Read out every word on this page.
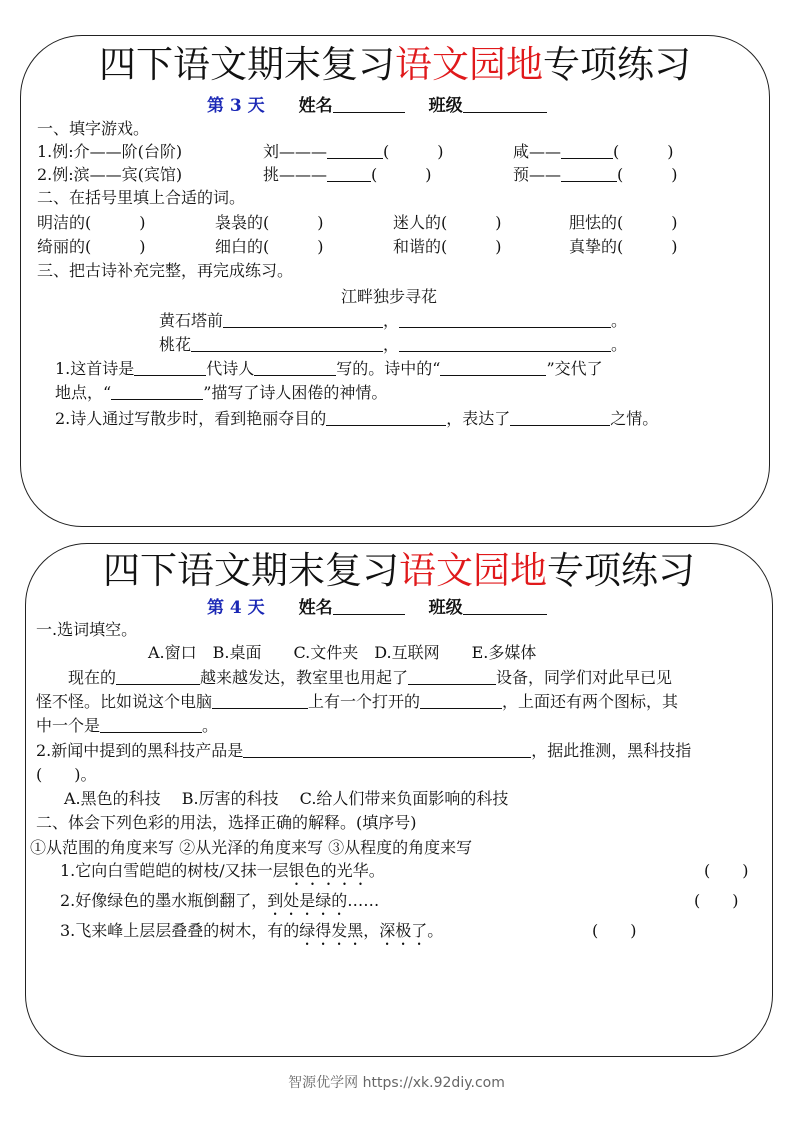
四下语文期末复习语文园地专项练习
第 3 天 姓名	班级
一、填字游戏。
1.例:介——阶(台阶)	刘———	(　　　)	咸——	(　　　)
2.例:滨——宾(宾馆)	挑———	(　　　)	预——	(　　　)
二、在括号里填上合适的词。
明洁的(　　　)	袅袅的(　　　)	迷人的(　　　)	胆怯的(　　　)
绮丽的(　　　)	细白的(　　　)	和谐的(　　　)	真挚的(　　　)
三、把古诗补充完整，再完成练习。
江畔独步寻花
黄石塔前	，	。
桃花	，	。
1.这首诗是	代诗人	写的。诗中的“	”交代了
地点，“	”描写了诗人困倦的神情。
2.诗人通过写散步时，看到艳丽夺目的	，表达了	之情。
四下语文期末复习语文园地专项练习
第 4 天 姓名	班级
一.选词填空。
A.窗口　B.桌面　　C.文件夹　D.互联网　　E.多媒体
现在的	越来越发达，教室里也用起了	设备，同学们对此早已见
怪不怪。比如说这个电脑	上有一个打开的	，上面还有两个图标，其
中一个是	。
2.新闻中提到的黑科技产品是	，据此推测，黑科技指
(　　)。
A.黑色的科技　 B.厉害的科技　 C.给人们带来负面影响的科技
二、体会下列色彩的用法，选择正确的解释。(填序号)
①从范围的角度来写 ②从光泽的角度来写 ③从程度的角度来写
1.它向白雪皑皑的树枝/又抹一层银色的光华。	(　　)
2.好像绿色的墨水瓶倒翻了，到处是绿的……	(　　)
3.飞来峰上层层叠叠的树木，有的绿得发黑，深极了。	(　　)
智源优学网 https://xk.92diy.com
